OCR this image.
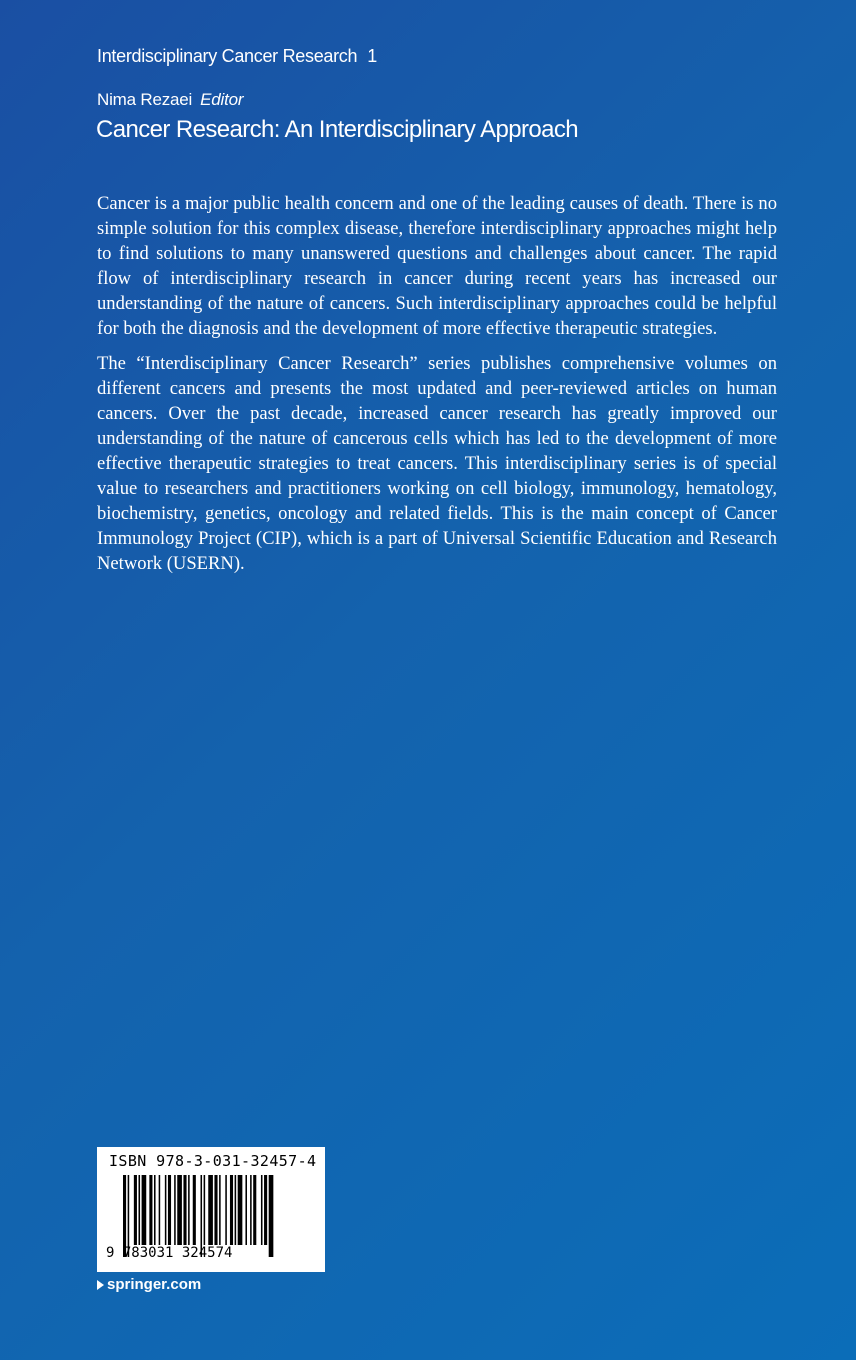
Interdisciplinary Cancer Research 1
Nima Rezaei Editor
Cancer Research: An Interdisciplinary Approach

Cancer is a major public health concern and one of the leading causes of death. There is no simple solution for this complex disease, therefore interdisciplinary approaches might help to find solutions to many unanswered questions and challenges about cancer. The rapid flow of interdisciplinary research in cancer during recent years has increased our understanding of the nature of cancers. Such interdisciplinary approaches could be helpful for both the diagnosis and the development of more effective therapeutic strategies.

The “Interdisciplinary Cancer Research” series publishes comprehensive volumes on different cancers and presents the most updated and peer-reviewed articles on human cancers. Over the past decade, increased cancer research has greatly improved our understanding of the nature of cancerous cells which has led to the development of more effective therapeutic strategies to treat cancers. This interdisciplinary series is of special value to researchers and practitioners working on cell biology, immunology, hematology, biochemistry, genetics, oncology and related fields. This is the main concept of Cancer Immunology Project (CIP), which is a part of Universal Scientific Education and Research Network (USERN).

ISBN 978-3-031-32457-4
9 783031 324574
springer.com
